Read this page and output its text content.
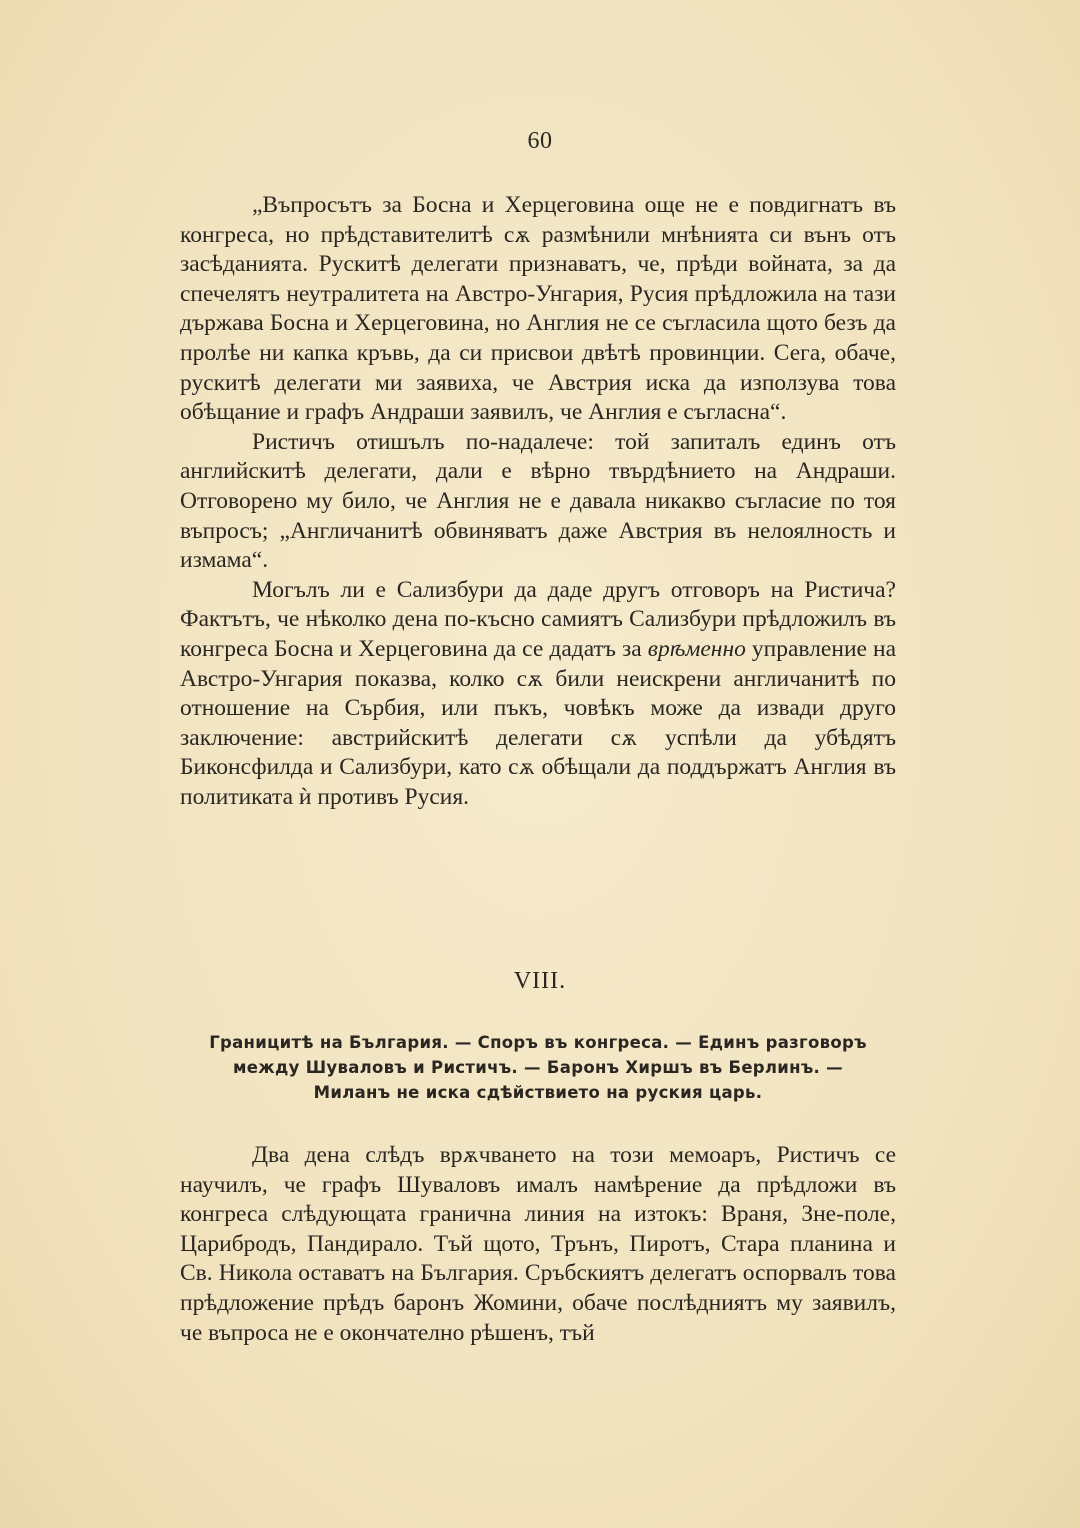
60

„Въпросътъ за Босна и Херцеговина още не е повдигнатъ въ конгреса, но прѣдставителитѣ сѫ размѣнили мнѣнията си вънъ отъ засѣданията. Рускитѣ делегати признаватъ, че, прѣди войната, за да спечелятъ неутралитета на Австро-Унгария, Русия прѣдложила на тази държава Босна и Херцеговина, но Англия не се съгласила щото безъ да пролѣе ни капка кръвь, да си присвои двѣтѣ провинции. Сега, обаче, рускитѣ делегати ми заявиха, че Австрия иска да използува това обѣщание и графъ Андраши заявилъ, че Англия е съгласна“.

Ристичъ отишълъ по-надалече: той запиталъ единъ отъ английскитѣ делегати, дали е вѣрно твърдѣнието на Андраши. Отговорено му било, че Англия не е давала никакво съгласие по тоя въпросъ; „Англичанитѣ обвиняватъ даже Австрия въ нелоялность и измама“.

Могълъ ли е Сализбури да даде другъ отговоръ на Ристича? Фактътъ, че нѣколко дена по-късно самиятъ Сализбури прѣдложилъ въ конгреса Босна и Херцеговина да се дадатъ за врѣменно управление на Австро-Унгария показва, колко сѫ били неискрени англичанитѣ по отношение на Сърбия, или пъкъ, човѣкъ може да извади друго заключение: австрийскитѣ делегати сѫ успѣли да убѣдятъ Биконсфилда и Сализбури, като сѫ обѣщали да поддържатъ Англия въ политиката ѝ противъ Русия.

VIII.
Границитѣ на България. — Споръ въ конгреса. — Единъ разговоръ
между Шуваловъ и Ристичъ. — Баронъ Хиршъ въ Берлинъ. —
Миланъ не иска сдѣйствието на руския царь.

Два дена слѣдъ врѫчването на този мемоаръ, Ристичъ се научилъ, че графъ Шуваловъ ималъ намѣрение да прѣдложи въ конгреса слѣдующата гранична линия на изтокъ: Враня, Зне-поле, Царибродъ, Пандирало. Тъй щото, Трънъ, Пиротъ, Стара планина и Св. Никола оставатъ на България. Сръбскиятъ делегатъ оспорвалъ това прѣдложение прѣдъ баронъ Жомини, обаче послѣдниятъ му заявилъ, че въпроса не е окончателно рѣшенъ, тъй
